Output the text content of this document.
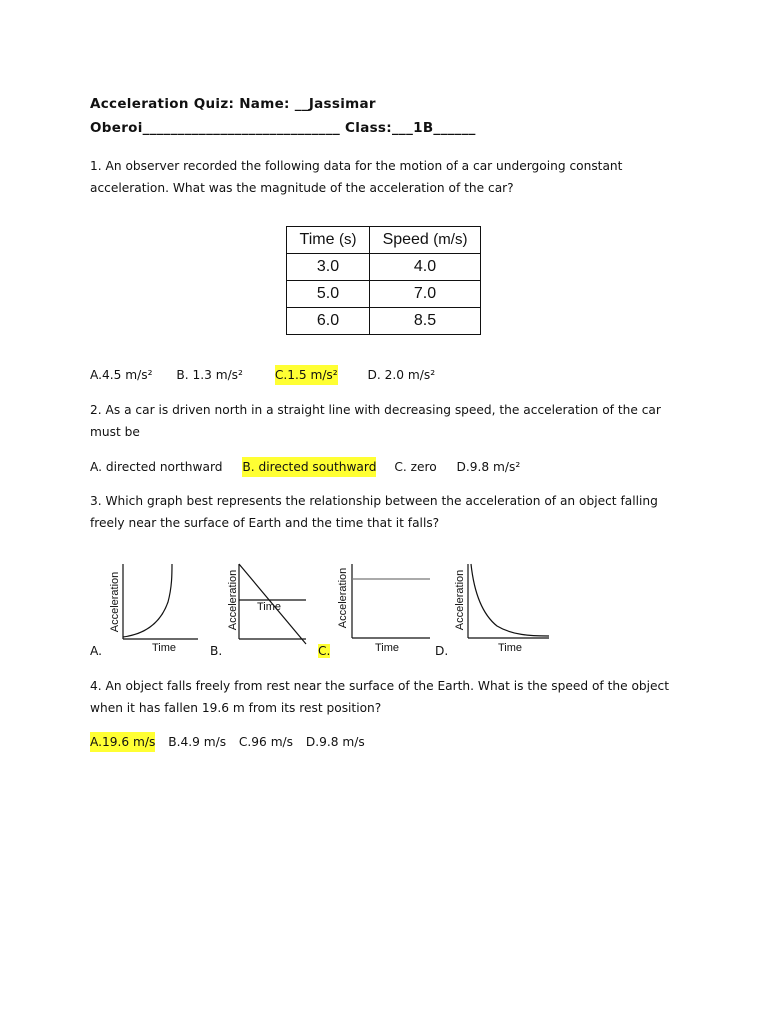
Acceleration Quiz: Name: __Jassimar
Oberoi____________________________ Class:___1B______

1. An observer recorded the following data for the motion of a car undergoing constant acceleration. What was the magnitude of the acceleration of the car?

Time (s)	Speed (m/s)
3.0	4.0
5.0	7.0
6.0	8.5

A.4.5 m/s² B. 1.3 m/s²	C.1.5 m/s² D. 2.0 m/s²

2. As a car is driven north in a straight line with decreasing speed, the acceleration of the car must be

A. directed northward B. directed southward C. zero D.9.8 m/s²

3. Which graph best represents the relationship between the acceleration of an object falling freely near the surface of Earth and the time that it falls?

Acceleration
Time
A.
Acceleration Time
B.
Acceleration
Time
C.
Acceleration
Time
D.

4. An object falls freely from rest near the surface of the Earth. What is the speed of the object when it has fallen 19.6 m from its rest position?

A.19.6 m/s B.4.9 m/s C.96 m/s D.9.8 m/s
